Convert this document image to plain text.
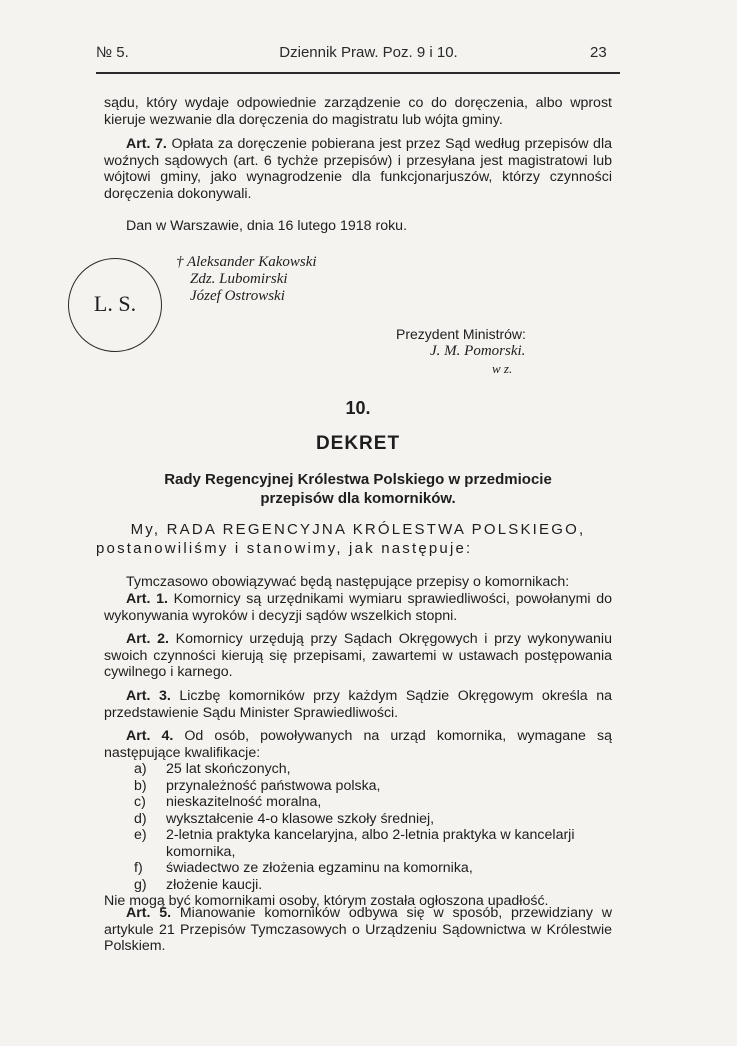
№ 5.	Dziennik Praw. Poz. 9 i 10.	23

sądu, który wydaje odpowiednie zarządzenie co do doręczenia, albo wprost kieruje wezwanie dla doręczenia do magistratu lub wójta gminy.

Art. 7. Opłata za doręczenie pobierana jest przez Sąd według przepisów dla woźnych sądowych (art. 6 tychże przepisów) i przesyłana jest magistratowi lub wójtowi gminy, jako wynagrodzenie dla funkcjonarjuszów, którzy czynności doręczenia dokonywali.

Dan w Warszawie, dnia 16 lutego 1918 roku.

L. S.
† Aleksander Kakowski
Zdz. Lubomirski
Józef Ostrowski
Prezydent Ministrów:
J. M. Pomorski.
w z.

10.

DEKRET

Rady Regencyjnej Królestwa Polskiego w przedmiocie
przepisów dla komorników.

My, RADA REGENCYJNA KRÓLESTWA POLSKIEGO,

postanowiliśmy i stanowimy, jak następuje:

Tymczasowo obowiązywać będą następujące przepisy o komornikach:

Art. 1. Komornicy są urzędnikami wymiaru sprawiedliwości, powołanymi do wykonywania wyroków i decyzji sądów wszelkich stopni.

Art. 2. Komornicy urzędują przy Sądach Okręgowych i przy wykonywaniu swoich czynności kierują się przepisami, zawartemi w ustawach postępowania cywilnego i karnego.

Art. 3. Liczbę komorników przy każdym Sądzie Okręgowym określa na przedstawienie Sądu Minister Sprawiedliwości.

Art. 4. Od osób, powoływanych na urząd komornika, wymagane są następujące kwalifikacje:

a) 25 lat skończonych,
b) przynależność państwowa polska,
c) nieskazitelność moralna,
d) wykształcenie 4-o klasowe szkoły średniej,
e) 2-letnia praktyka kancelaryjna, albo 2-letnia praktyka w kancelarji komornika,
f) świadectwo ze złożenia egzaminu na komornika,
g) złożenie kaucji.
Nie mogą być komornikami osoby, którym została ogłoszona upadłość.

Art. 5. Mianowanie komorników odbywa się w sposób, przewidziany w artykule 21 Przepisów Tymczasowych o Urządzeniu Sądownictwa w Królestwie Polskiem.
